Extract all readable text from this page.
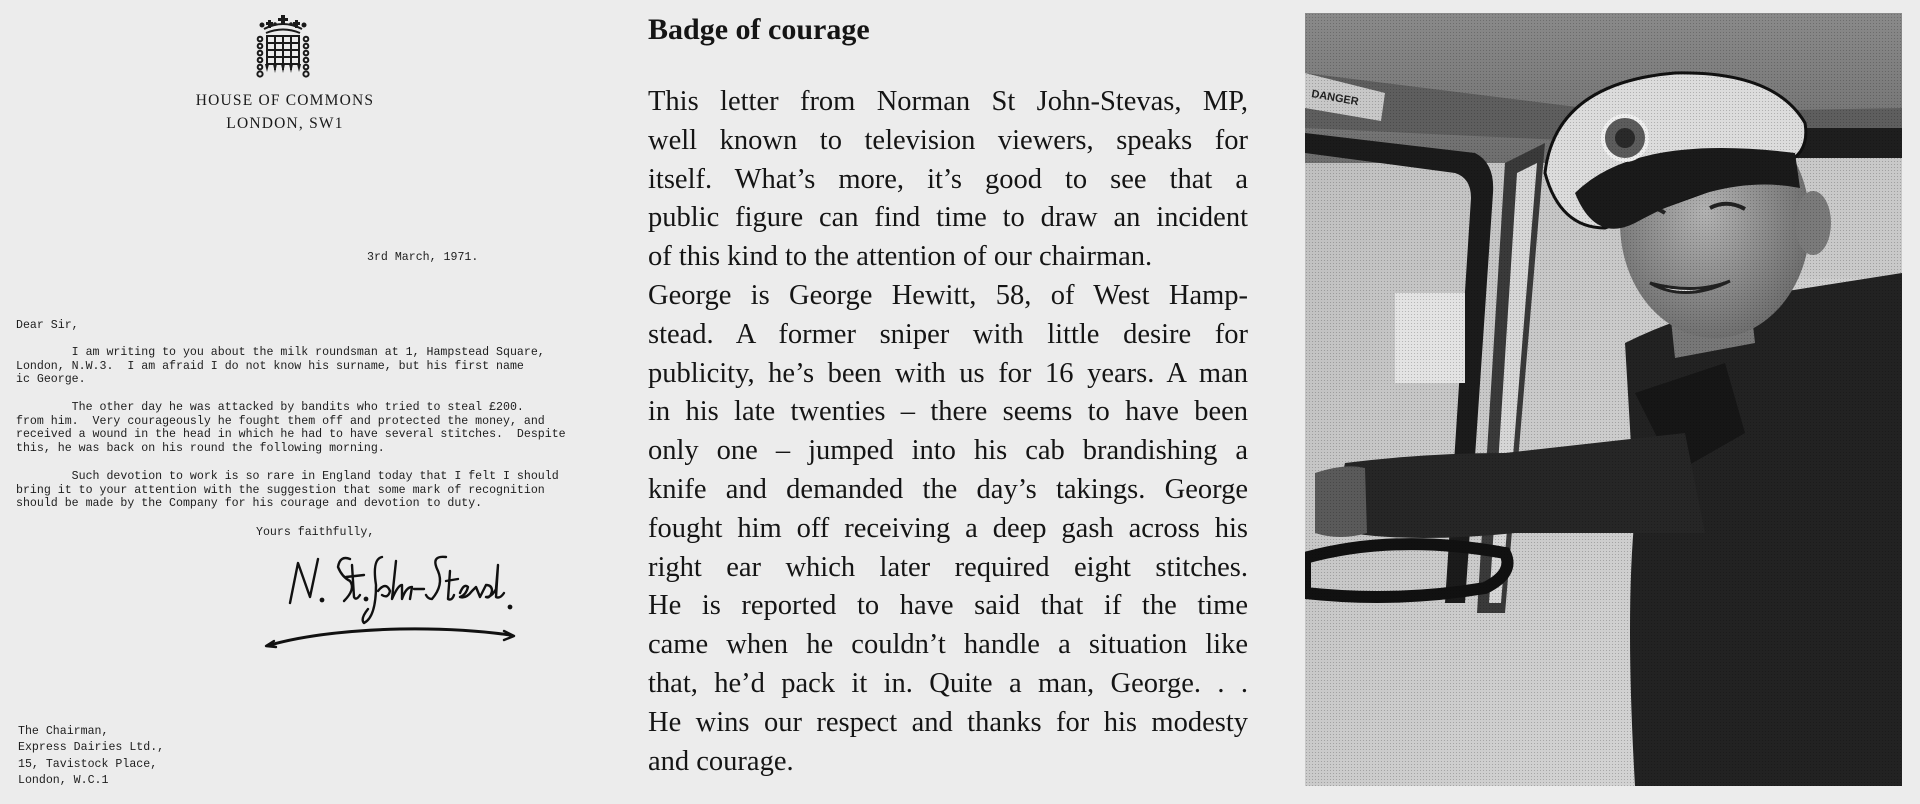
HOUSE OF COMMONS
LONDON, SW1
3rd March, 1971.
Dear Sir,
I am writing to you about the milk roundsman at 1, Hampstead Square,
London, N.W.3.  I am afraid I do not know his surname, but his first name
ic George.
The other day he was attacked by bandits who tried to steal £200.
from him.  Very courageously he fought them off and protected the money, and
received a wound in the head in which he had to have several stitches.  Despite
this, he was back on his round the following morning.
Such devotion to work is so rare in England today that I felt I should
bring it to your attention with the suggestion that some mark of recognition
should be made by the Company for his courage and devotion to duty.
Yours faithfully,
The Chairman,
Express Dairies Ltd.,
15, Tavistock Place,
London, W.C.1
Badge of courage
This letter from Norman St John-Stevas, MP,
well known to television viewers, speaks for
itself. What’s more, it’s good to see that a
public figure can find time to draw an incident
of this kind to the attention of our chairman.
George is George Hewitt, 58, of West Hamp-
stead. A former sniper with little desire for
publicity, he’s been with us for 16 years. A man
in his late twenties – there seems to have been
only one – jumped into his cab brandishing a
knife and demanded the day’s takings. George
fought him off receiving a deep gash across his
right ear which later required eight stitches.
He is reported to have said that if the time
came when he couldn’t handle a situation like
that, he’d pack it in. Quite a man, George. . .
He wins our respect and thanks for his modesty
and courage.
